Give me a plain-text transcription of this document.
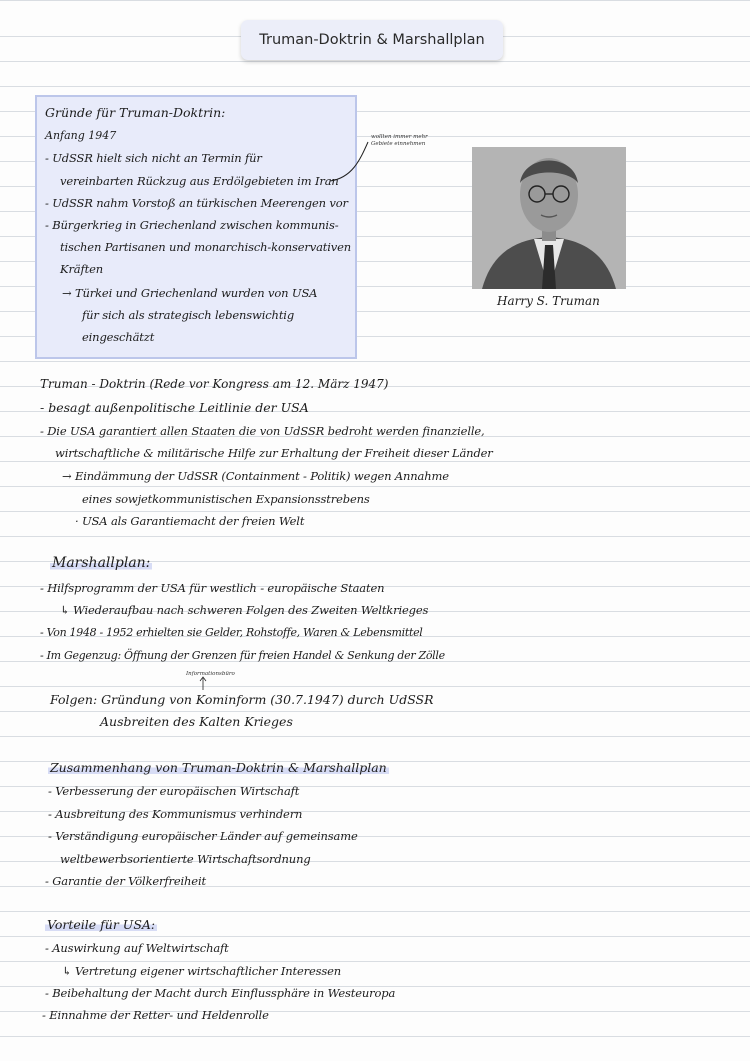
Truman-Doktrin & Marshallplan

Gründe für Truman-Doktrin:

Anfang 1947

- UdSSR hielt sich nicht an Termin für

vereinbarten Rückzug aus Erdölgebieten im Iran

- UdSSR nahm Vorstoß an türkischen Meerengen vor

- Bürgerkrieg in Griechenland zwischen kommunis-

tischen Partisanen und monarchisch-konservativen

Kräften

→ Türkei und Griechenland wurden von USA

für sich als strategisch lebenswichtig

eingeschätzt

wollten immer mehr
Gebiete einnehmen
Harry S. Truman

Truman - Doktrin (Rede vor Kongress am 12. März 1947)

- besagt außenpolitische Leitlinie der USA

- Die USA garantiert allen Staaten die von UdSSR bedroht werden finanzielle,

wirtschaftliche & militärische Hilfe zur Erhaltung der Freiheit dieser Länder

→ Eindämmung der UdSSR (Containment - Politik) wegen Annahme

eines sowjetkommunistischen Expansionsstrebens

· USA als Garantiemacht der freien Welt

Marshallplan:

- Hilfsprogramm der USA für westlich - europäische Staaten

↳ Wiederaufbau nach schweren Folgen des Zweiten Weltkrieges

- Von 1948 - 1952 erhielten sie Gelder, Rohstoffe, Waren & Lebensmittel

- Im Gegenzug: Öffnung der Grenzen für freien Handel & Senkung der Zölle

Informationsbüro

Folgen: Gründung von Kominform (30.7.1947) durch UdSSR

Ausbreiten des Kalten Krieges

Zusammenhang von Truman-Doktrin & Marshallplan

- Verbesserung der europäischen Wirtschaft

- Ausbreitung des Kommunismus verhindern

- Verständigung europäischer Länder auf gemeinsame

weltbewerbsorientierte Wirtschaftsordnung

- Garantie der Völkerfreiheit

Vorteile für USA:

- Auswirkung auf Weltwirtschaft

↳ Vertretung eigener wirtschaftlicher Interessen

- Beibehaltung der Macht durch Einflussphäre in Westeuropa

- Einnahme der Retter- und Heldenrolle
